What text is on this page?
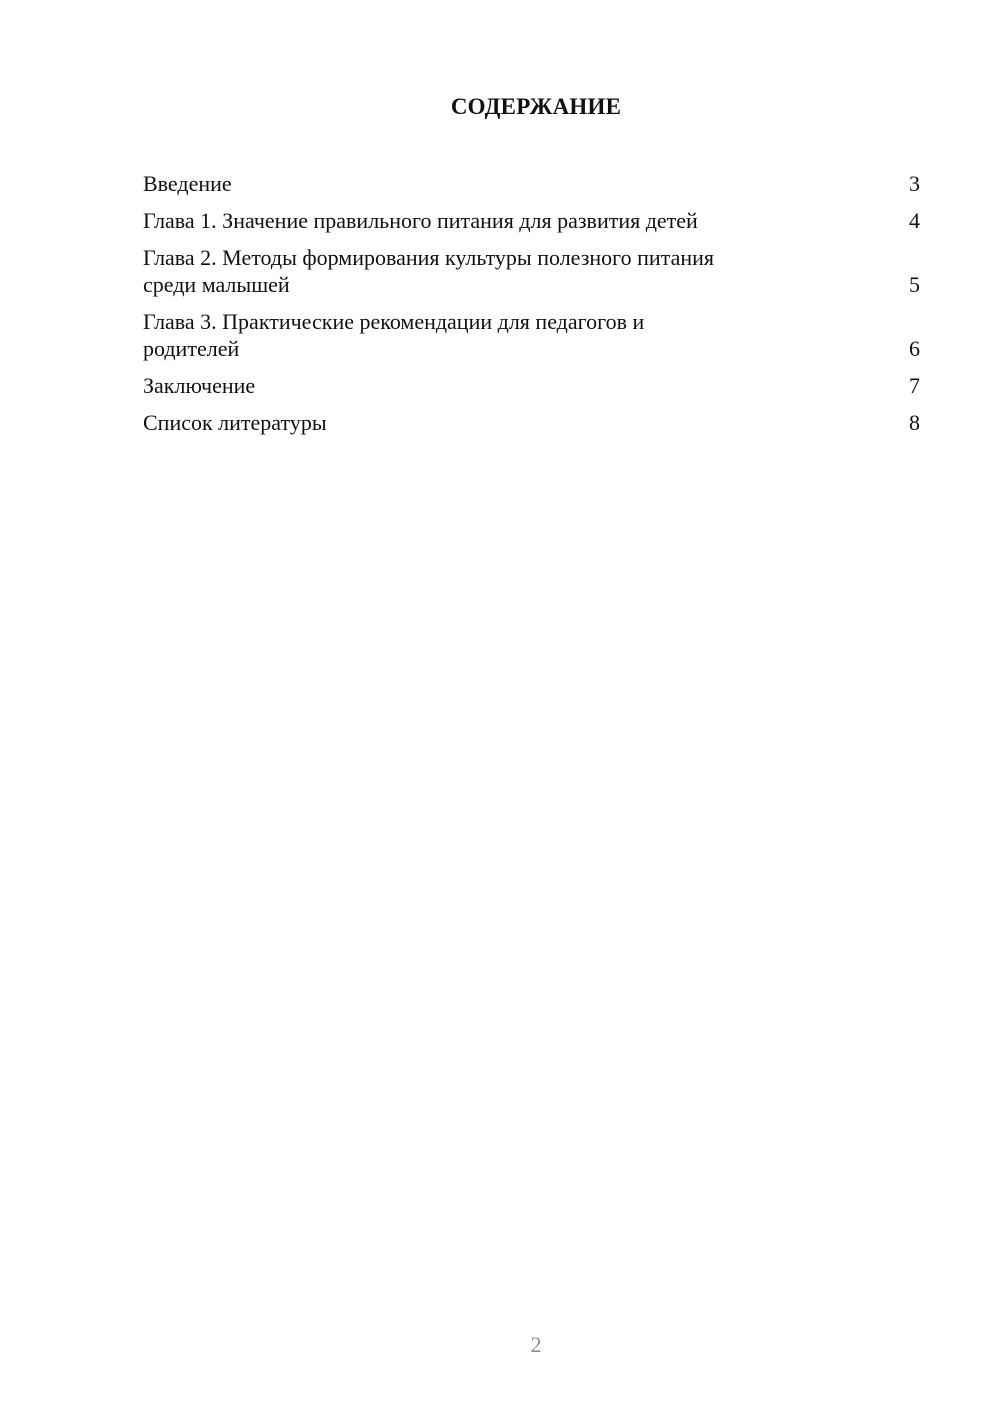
СОДЕРЖАНИЕ
Введение	3
Глава 1. Значение правильного питания для развития детей	4
Глава 2. Методы формирования культуры полезного питания
среди малышей	5
Глава 3. Практические рекомендации для педагогов и
родителей	6
Заключение	7
Список литературы	8
2
